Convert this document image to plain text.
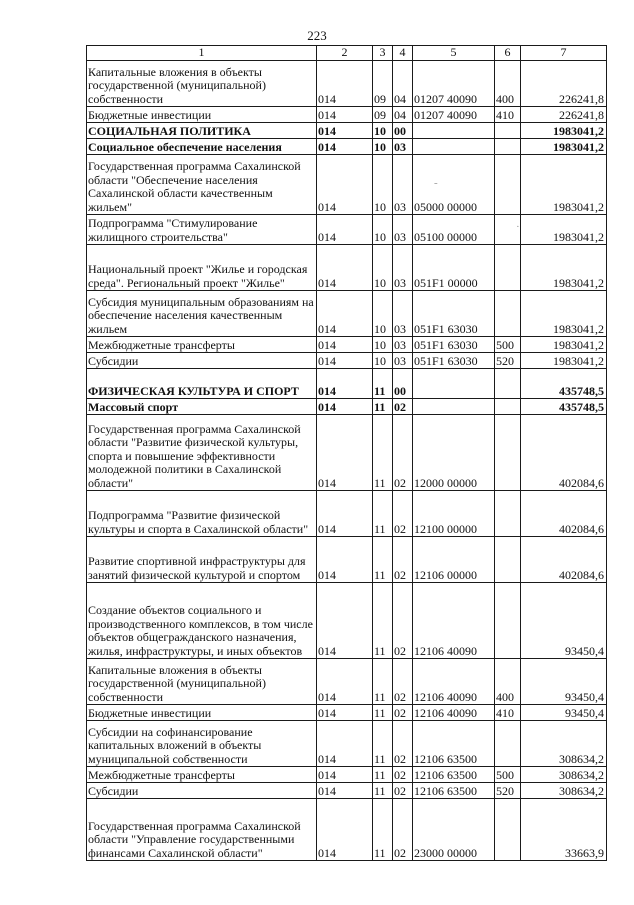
223
1	2	3	4	5	6	7
Капитальные вложения в объекты государственной (муниципальной) собственности	014	09	04	01207 40090	400	226241,8
Бюджетные инвестиции	014	09	04	01207 40090	410	226241,8
СОЦИАЛЬНАЯ ПОЛИТИКА	014	10	00			1983041,2
Социальное обеспечение населения	014	10	03			1983041,2
Государственная программа Сахалинской области "Обеспечение населения Сахалинской области качественным жильем"	014	10	03	05000 00000		1983041,2
Подпрограмма "Стимулирование жилищного строительства"	014	10	03	05100 00000		1983041,2
Национальный проект "Жилье и городская среда". Региональный проект "Жилье"	014	10	03	051F1 00000		1983041,2
Субсидия муниципальным образованиям на обеспечение населения качественным жильем	014	10	03	051F1 63030		1983041,2
Межбюджетные трансферты	014	10	03	051F1 63030	500	1983041,2
Субсидии	014	10	03	051F1 63030	520	1983041,2
ФИЗИЧЕСКАЯ КУЛЬТУРА И СПОРТ	014	11	00			435748,5
Массовый спорт	014	11	02			435748,5
Государственная программа Сахалинской области "Развитие физической культуры, спорта и повышение эффективности молодежной политики в Сахалинской области"	014	11	02	12000 00000		402084,6
Подпрограмма "Развитие физической культуры и спорта в Сахалинской области"	014	11	02	12100 00000		402084,6
Развитие спортивной инфраструктуры для занятий физической культурой и спортом	014	11	02	12106 00000		402084,6
Создание объектов социального и производственного комплексов, в том числе объектов общегражданского назначения, жилья, инфраструктуры, и иных объектов	014	11	02	12106 40090		93450,4
Капитальные вложения в объекты государственной (муниципальной) собственности	014	11	02	12106 40090	400	93450,4
Бюджетные инвестиции	014	11	02	12106 40090	410	93450,4
Субсидии на софинансирование капитальных вложений в объекты муниципальной собственности	014	11	02	12106 63500		308634,2
Межбюджетные трансферты	014	11	02	12106 63500	500	308634,2
Субсидии	014	11	02	12106 63500	520	308634,2
Государственная программа Сахалинской области "Управление государственными финансами Сахалинской области"	014	11	02	23000 00000		33663,9
-
·
